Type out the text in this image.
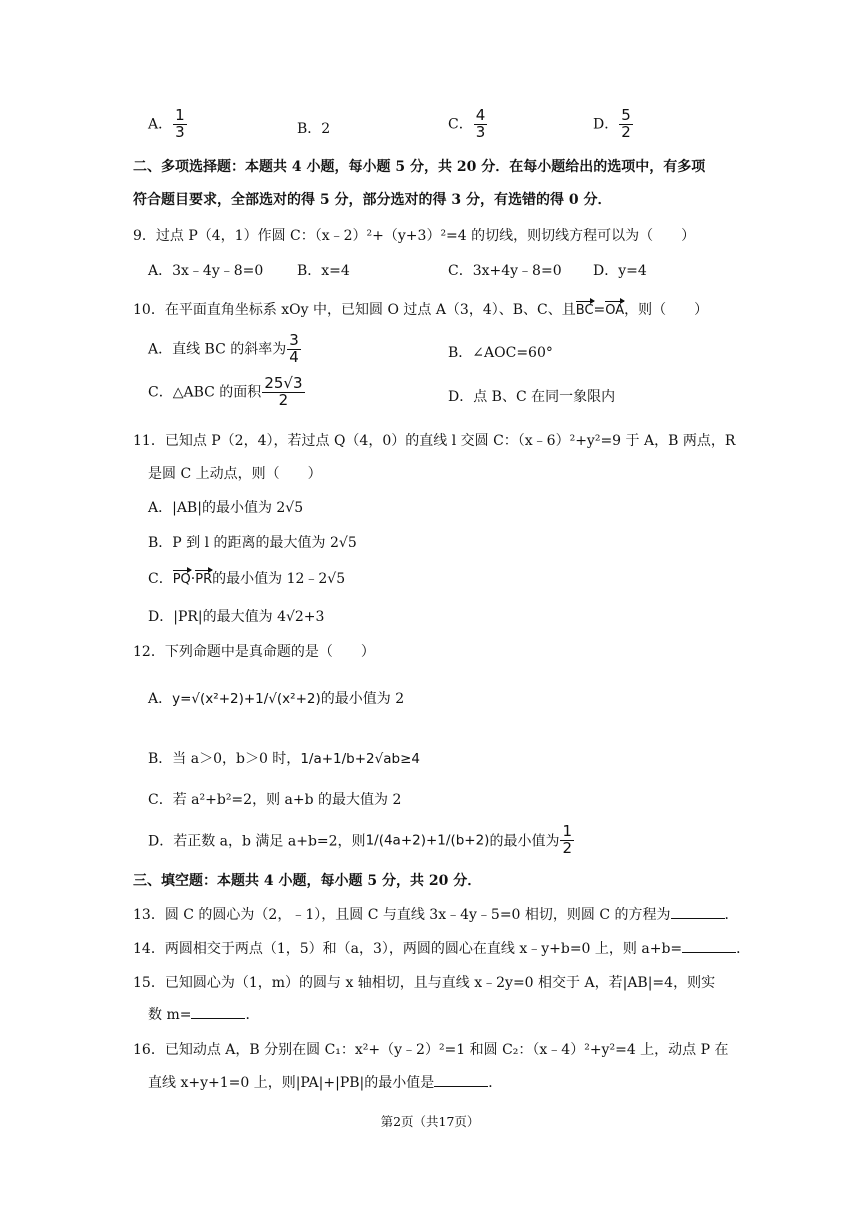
A． $\frac{1}{3}$	B．2	C． $\frac{4}{3}$	D． $\frac{5}{2}$
二、多项选择题：本题共 4 小题，每小题 5 分，共 20 分．在每小题给出的选项中，有多项
符合题目要求，全部选对的得 5 分，部分选对的得 3 分，有选错的得 0 分．
9．过点 P（4，1）作圆 C：（x﹣2）²+（y+3）²=4 的切线，则切线方程可以为（　　）
A．3x﹣4y﹣8=0 B．x=4	C．3x+4y﹣8=0 D．y=4
10．在平面直角坐标系 xOy 中，已知圆 O 过点 A（3，4）、B、C、且BC=OA，则（　　）
A．直线 BC 的斜率为 $\frac{3}{4}$	B．∠AOC=60°
C．△ABC 的面积 $\frac{25√3}{2}$	D．点 B、C 在同一象限内
11．已知点 P（2，4），若过点 Q（4，0）的直线 l 交圆 C：（x﹣6）²+y²=9 于 A，B 两点，R
是圆 C 上动点，则（　　）
A．|AB|的最小值为 2√5
B．P 到 l 的距离的最大值为 2√5
C．PQ·PR的最小值为 12﹣2√5
D．|PR|的最大值为 4√2+3
12．下列命题中是真命题的是（　　）
A．y=√(x²+2)+1/√(x²+2)的最小值为 2
B．当 a＞0，b＞0 时，1/a+1/b+2√ab≥4
C．若 a²+b²=2，则 a+b 的最大值为 2
D．若正数 a，b 满足 a+b=2，则1/(4a+2)+1/(b+2)的最小值为 $\frac{1}{2}$
三、填空题：本题共 4 小题，每小题 5 分，共 20 分．
13．圆 C 的圆心为（2，﹣1），且圆 C 与直线 3x﹣4y﹣5=0 相切，则圆 C 的方程为	．
14．两圆相交于两点（1，5）和（a，3），两圆的圆心在直线 x﹣y+b=0 上，则 a+b=	．
15．已知圆心为（1，m）的圆与 x 轴相切，且与直线 x﹣2y=0 相交于 A，若|AB|=4，则实
数 m=	．
16．已知动点 A，B 分别在圆 C₁：x²+（y﹣2）²=1 和圆 C₂：（x﹣4）²+y²=4 上，动点 P 在
直线 x+y+1=0 上，则|PA|+|PB|的最小值是	．
第2页（共17页）
